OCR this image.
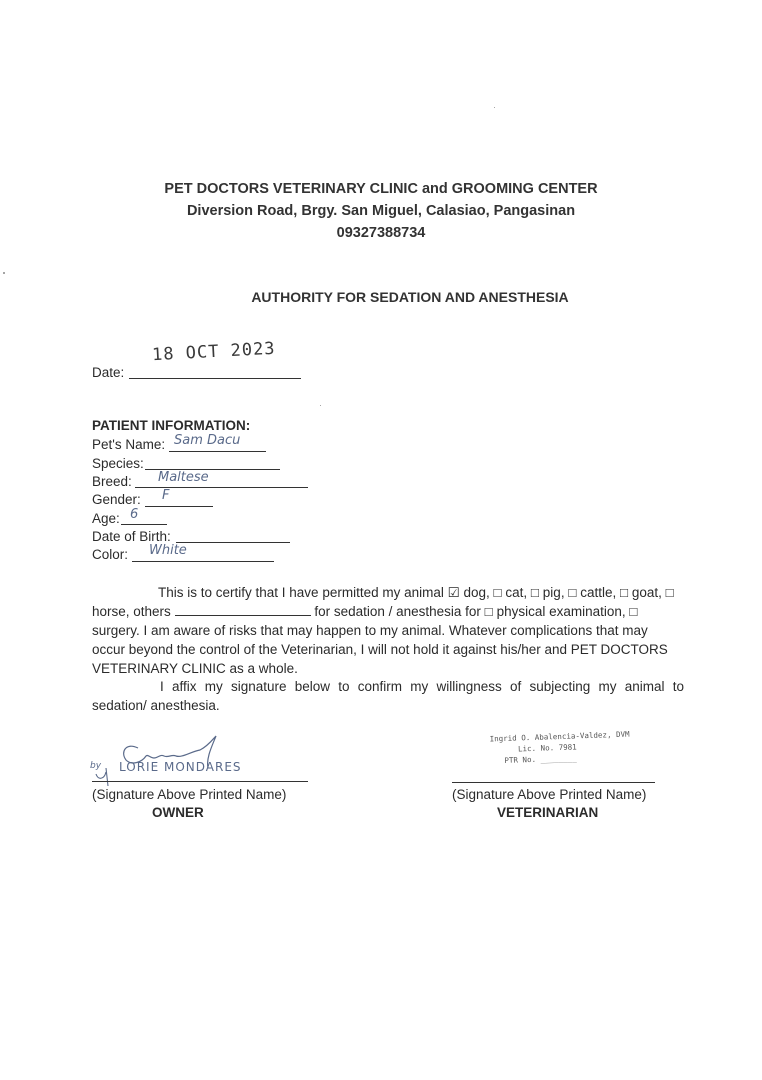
PET DOCTORS VETERINARY CLINIC and GROOMING CENTER
Diversion Road, Brgy. San Miguel, Calasiao, Pangasinan
09327388734
AUTHORITY FOR SEDATION AND ANESTHESIA
18 OCT 2023
Date:
PATIENT INFORMATION:
Pet's Name: Sam Dacu
Species:
Breed: Maltese
Gender: F
Age: 6
Date of Birth:
Color: White
This is to certify that I have permitted my animal ☑ dog, □ cat, □ pig, □ cattle, □ goat, □ horse, others	for sedation / anesthesia for □ physical examination, □ surgery. I am aware of risks that may happen to my animal. Whatever complications that may occur beyond the control of the Veterinarian, I will not hold it against his/her and PET DOCTORS VETERINARY CLINIC as a whole.
I affix my signature below to confirm my willingness of subjecting my animal to sedation/ anesthesia.
by LORIE MONDARES
(Signature Above Printed Name)
OWNER
Ingrid O. Abalencia-Valdez, DVM
Lic. No. 7981
PTR No. ________
(Signature Above Printed Name)
VETERINARIAN
